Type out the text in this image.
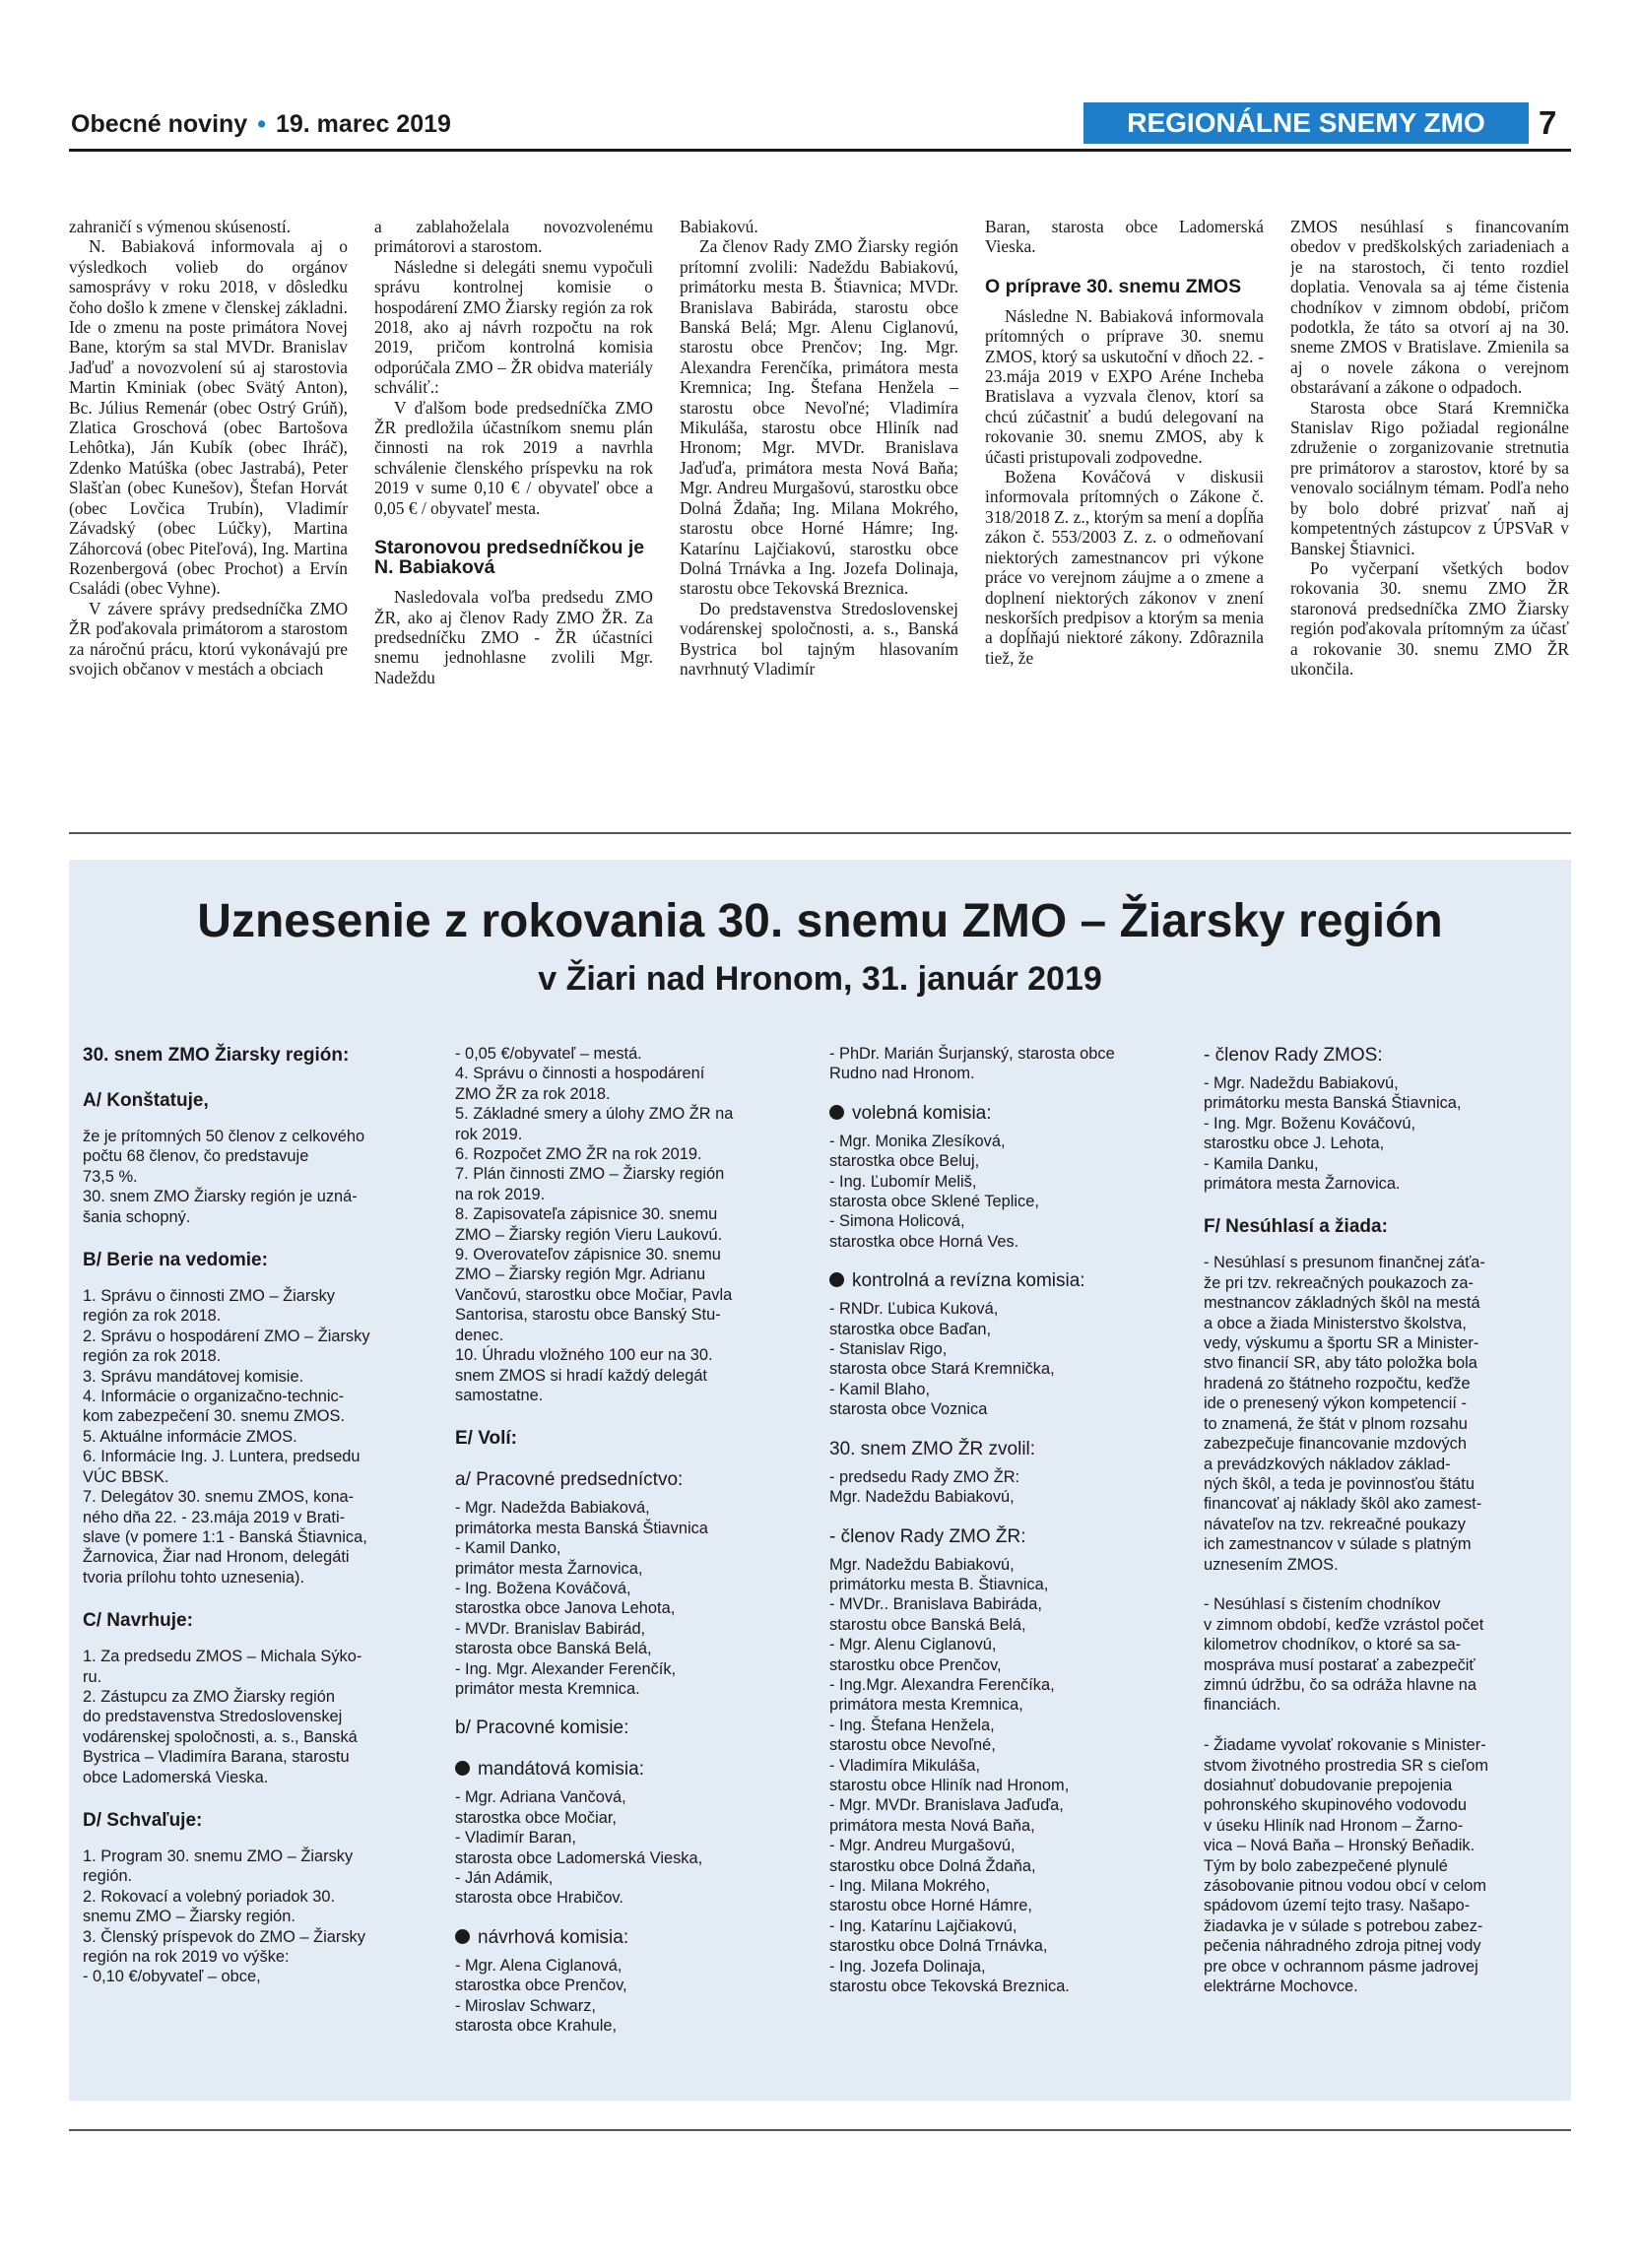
Obecné noviny • 19. marec 2019	REGIONÁLNE SNEMY ZMO	7

zahraničí s výmenou skúseností.

N. Babiaková informovala aj o výsledkoch volieb do orgánov samosprávy v roku 2018, v dôsledku čoho došlo k zmene v členskej základni. Ide o zmenu na poste primátora Novej Bane, ktorým sa stal MVDr. Branislav Jaďuď a novozvolení sú aj starostovia Martin Kminiak (obec Svätý Anton), Bc. Július Remenár (obec Ostrý Grúň), Zlatica Groschová (obec Bartošova Lehôtka), Ján Kubík (obec Ihráč), Zdenko Matúška (obec Jastrabá), Peter Slašťan (obec Kunešov), Štefan Horvát (obec Lovčica Trubín), Vladimír Závadský (obec Lúčky), Martina Záhorcová (obec Piteľová), Ing. Martina Rozenbergová (obec Prochot) a Ervín Családi (obec Vyhne).

V závere správy predsedníčka ZMO ŽR poďakovala primátorom a starostom za náročnú prácu, ktorú vykonávajú pre svojich občanov v mestách a obciach

a zablahoželala novozvolenému primátorovi a starostom.

Následne si delegáti snemu vypočuli správu kontrolnej komisie o hospodárení ZMO Žiarsky región za rok 2018, ako aj návrh rozpočtu na rok 2019, pričom kontrolná komisia odporúčala ZMO – ŽR obidva materiály schváliť.:

V ďalšom bode predsedníčka ZMO ŽR predložila účastníkom snemu plán činnosti na rok 2019 a navrhla schválenie členského príspevku na rok 2019 v sume 0,10 € / obyvateľ obce a 0,05 € / obyvateľ mesta.

Staronovou predsedníčkou je N. Babiaková

Nasledovala voľba predsedu ZMO ŽR, ako aj členov Rady ZMO ŽR. Za predsedníčku ZMO - ŽR účastníci snemu jednohlasne zvolili Mgr. Nadeždu

Babiakovú.

Za členov Rady ZMO Žiarsky región prítomní zvolili: Nadeždu Babiakovú, primátorku mesta B. Štiavnica; MVDr. Branislava Babiráda, starostu obce Banská Belá; Mgr. Alenu Ciglanovú, starostu obce Prenčov; Ing. Mgr. Alexandra Ferenčíka, primátora mesta Kremnica; Ing. Štefana Henžela – starostu obce Nevoľné; Vladimíra Mikuláša, starostu obce Hliník nad Hronom; Mgr. MVDr. Branislava Jaďuďa, primátora mesta Nová Baňa; Mgr. Andreu Murgašovú, starostku obce Dolná Ždaňa; Ing. Milana Mokrého, starostu obce Horné Hámre; Ing. Katarínu Lajčiakovú, starostku obce Dolná Trnávka a Ing. Jozefa Dolinaja, starostu obce Tekovská Breznica.

Do predstavenstva Stredoslovenskej vodárenskej spoločnosti, a. s., Banská Bystrica bol tajným hlasovaním navrhnutý Vladimír

Baran, starosta obce Ladomerská Vieska.

O príprave 30. snemu ZMOS

Následne N. Babiaková informovala prítomných o príprave 30. snemu ZMOS, ktorý sa uskutoční v dňoch 22. - 23.mája 2019 v EXPO Aréne Incheba Bratislava a vyzvala členov, ktorí sa chcú zúčastniť a budú delegovaní na rokovanie 30. snemu ZMOS, aby k účasti pristupovali zodpovedne.

Božena Kováčová v diskusii informovala prítomných o Zákone č. 318/2018 Z. z., ktorým sa mení a dopĺňa zákon č. 553/2003 Z. z. o odmeňovaní niektorých zamestnancov pri výkone práce vo verejnom záujme a o zmene a doplnení niektorých zákonov v znení neskorších predpisov a ktorým sa menia a dopĺňajú niektoré zákony. Zdôraznila tiež, že

ZMOS nesúhlasí s financovaním obedov v predškolských zariadeniach a je na starostoch, či tento rozdiel doplatia. Venovala sa aj téme čistenia chodníkov v zimnom období, pričom podotkla, že táto sa otvorí aj na 30. sneme ZMOS v Bratislave. Zmienila sa aj o novele zákona o verejnom obstarávaní a zákone o odpadoch.

Starosta obce Stará Kremnička Stanislav Rigo požiadal regionálne združenie o zorganizovanie stretnutia pre primátorov a starostov, ktoré by sa venovalo sociálnym témam. Podľa neho by bolo dobré prizvať naň aj kompetentných zástupcov z ÚPSVaR v Banskej Štiavnici.

Po vyčerpaní všetkých bodov rokovania 30. snemu ZMO ŽR staronová predsedníčka ZMO Žiarsky región poďakovala prítomným za účasť a rokovanie 30. snemu ZMO ŽR ukončila.

Uznesenie z rokovania 30. snemu ZMO – Žiarsky región
v Žiari nad Hronom, 31. január 2019
30. snem ZMO Žiarsky región:
A/ Konštatuje,
že je prítomných 50 členov z celkového
počtu 68 členov, čo predstavuje
73,5 %.
30. snem ZMO Žiarsky región je uzná-
šania schopný.
B/ Berie na vedomie:
1. Správu o činnosti ZMO – Žiarsky
región za rok 2018.
2. Správu o hospodárení ZMO – Žiarsky
región za rok 2018.
3. Správu mandátovej komisie.
4. Informácie o organizačno-technic-
kom zabezpečení 30. snemu ZMOS.
5. Aktuálne informácie ZMOS.
6. Informácie Ing. J. Luntera, predsedu
VÚC BBSK.
7. Delegátov 30. snemu ZMOS, kona-
ného dňa 22. - 23.mája 2019 v Brati-
slave (v pomere 1:1 - Banská Štiavnica,
Žarnovica, Žiar nad Hronom, delegáti
tvoria prílohu tohto uznesenia).
C/ Navrhuje:
1. Za predsedu ZMOS – Michala Sýko-
ru.
2. Zástupcu za ZMO Žiarsky región
do predstavenstva Stredoslovenskej
vodárenskej spoločnosti, a. s., Banská
Bystrica – Vladimíra Barana, starostu
obce Ladomerská Vieska.
D/ Schvaľuje:
1. Program 30. snemu ZMO – Žiarsky
región.
2. Rokovací a volebný poriadok 30.
snemu ZMO – Žiarsky región.
3. Členský príspevok do ZMO – Žiarsky
región na rok 2019 vo výške:
- 0,10 €/obyvateľ – obce,
- 0,05 €/obyvateľ – mestá.
4. Správu o činnosti a hospodárení
ZMO ŽR za rok 2018.
5. Základné smery a úlohy ZMO ŽR na
rok 2019.
6. Rozpočet ZMO ŽR na rok 2019.
7. Plán činnosti ZMO – Žiarsky región
na rok 2019.
8. Zapisovateľa zápisnice 30. snemu
ZMO – Žiarsky región Vieru Laukovú.
9. Overovateľov zápisnice 30. snemu
ZMO – Žiarsky región Mgr. Adrianu
Vančovú, starostku obce Močiar, Pavla
Santorisa, starostu obce Banský Stu-
denec.
10. Úhradu vložného 100 eur na 30.
snem ZMOS si hradí každý delegát
samostatne.
E/ Volí:
a/ Pracovné predsedníctvo:
- Mgr. Nadežda Babiaková,
primátorka mesta Banská Štiavnica
- Kamil Danko,
primátor mesta Žarnovica,
- Ing. Božena Kováčová,
starostka obce Janova Lehota,
- MVDr. Branislav Babirád,
starosta obce Banská Belá,
- Ing. Mgr. Alexander Ferenčík,
primátor mesta Kremnica.
b/ Pracovné komisie:
mandátová komisia:
- Mgr. Adriana Vančová,
starostka obce Močiar,
- Vladimír Baran,
starosta obce Ladomerská Vieska,
- Ján Adámik,
starosta obce Hrabičov.
návrhová komisia:
- Mgr. Alena Ciglanová,
starostka obce Prenčov,
- Miroslav Schwarz,
starosta obce Krahule,
- PhDr. Marián Šurjanský, starosta obce
Rudno nad Hronom.
volebná komisia:
- Mgr. Monika Zlesíková,
starostka obce Beluj,
- Ing. Ľubomír Meliš,
starosta obce Sklené Teplice,
- Simona Holicová,
starostka obce Horná Ves.
kontrolná a revízna komisia:
- RNDr. Ľubica Kuková,
starostka obce Baďan,
- Stanislav Rigo,
starosta obce Stará Kremnička,
- Kamil Blaho,
starosta obce Voznica
30. snem ZMO ŽR zvolil:
- predsedu Rady ZMO ŽR:
Mgr. Nadeždu Babiakovú,
- členov Rady ZMO ŽR:
Mgr. Nadeždu Babiakovú,
primátorku mesta B. Štiavnica,
- MVDr.. Branislava Babiráda,
starostu obce Banská Belá,
- Mgr. Alenu Ciglanovú,
starostku obce Prenčov,
- Ing.Mgr. Alexandra Ferenčíka,
primátora mesta Kremnica,
- Ing. Štefana Henžela,
starostu obce Nevoľné,
- Vladimíra Mikuláša,
starostu obce Hliník nad Hronom,
- Mgr. MVDr. Branislava Jaďuďa,
primátora mesta Nová Baňa,
- Mgr. Andreu Murgašovú,
starostku obce Dolná Ždaňa,
- Ing. Milana Mokrého,
starostu obce Horné Hámre,
- Ing. Katarínu Lajčiakovú,
starostku obce Dolná Trnávka,
- Ing. Jozefa Dolinaja,
starostu obce Tekovská Breznica.
- členov Rady ZMOS:
- Mgr. Nadeždu Babiakovú,
primátorku mesta Banská Štiavnica,
- Ing. Mgr. Boženu Kováčovú,
starostku obce J. Lehota,
- Kamila Danku,
primátora mesta Žarnovica.
F/ Nesúhlasí a žiada:
- Nesúhlasí s presunom finančnej záťa-
že pri tzv. rekreačných poukazoch za-
mestnancov základných škôl na mestá
a obce a žiada Ministerstvo školstva,
vedy, výskumu a športu SR a Minister-
stvo financií SR, aby táto položka bola
hradená zo štátneho rozpočtu, keďže
ide o prenesený výkon kompetencií -
to znamená, že štát v plnom rozsahu
zabezpečuje financovanie mzdových
a prevádzkových nákladov základ-
ných škôl, a teda je povinnosťou štátu
financovať aj náklady škôl ako zamest-
návateľov na tzv. rekreačné poukazy
ich zamestnancov v súlade s platným
uznesením ZMOS.

- Nesúhlasí s čistením chodníkov
v zimnom období, keďže vzrástol počet
kilometrov chodníkov, o ktoré sa sa-
mospráva musí postarať a zabezpečiť
zimnú údržbu, čo sa odráža hlavne na
financiách.

- Žiadame vyvolať rokovanie s Minister-
stvom životného prostredia SR s cieľom
dosiahnuť dobudovanie prepojenia
pohronského skupinového vodovodu
v úseku Hliník nad Hronom – Žarno-
vica – Nová Baňa – Hronský Beňadik.
Tým by bolo zabezpečené plynulé
zásobovanie pitnou vodou obcí v celom
spádovom území tejto trasy. Našapo-
žiadavka je v súlade s potrebou zabez-
pečenia náhradného zdroja pitnej vody
pre obce v ochrannom pásme jadrovej
elektrárne Mochovce.
